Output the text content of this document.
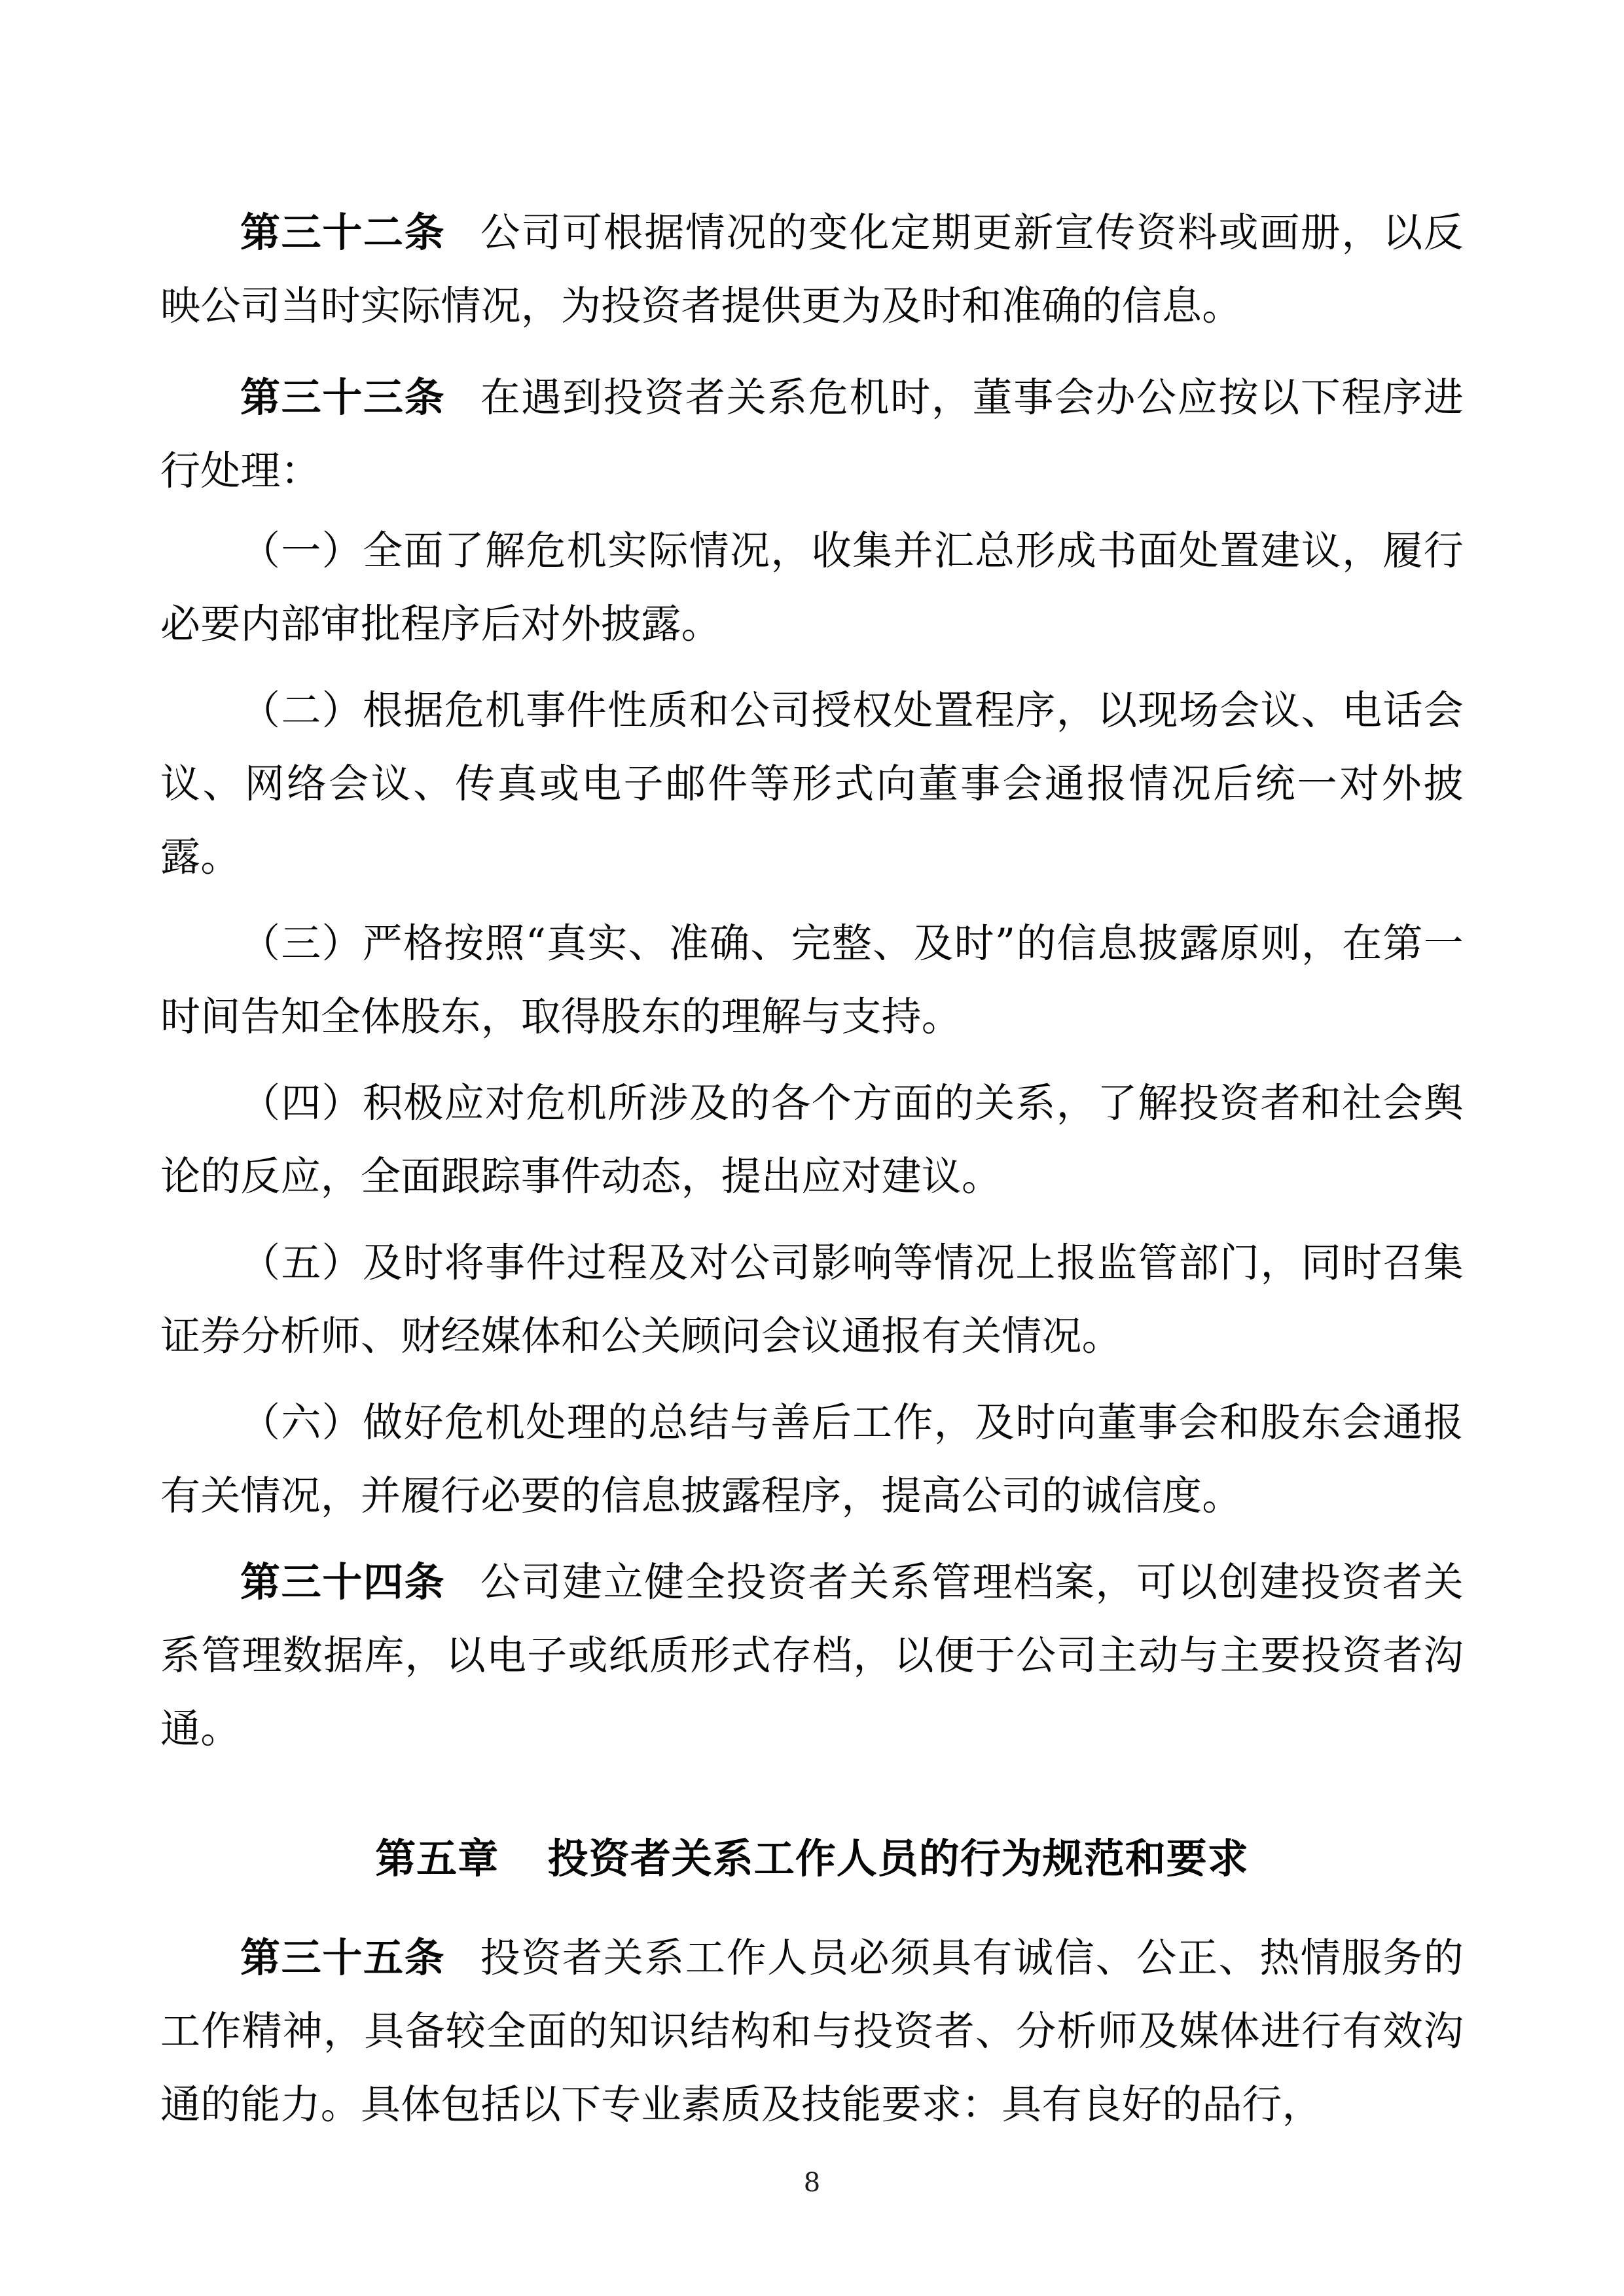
第三十二条 公司可根据情况的变化定期更新宣传资料或画册，以反映公司当时实际情况，为投资者提供更为及时和准确的信息。

第三十三条 在遇到投资者关系危机时，董事会办公应按以下程序进行处理：

（一）全面了解危机实际情况，收集并汇总形成书面处置建议，履行必要内部审批程序后对外披露。

（二）根据危机事件性质和公司授权处置程序，以现场会议、电话会议、网络会议、传真或电子邮件等形式向董事会通报情况后统一对外披露。

（三）严格按照“真实、准确、完整、及时”的信息披露原则，在第一时间告知全体股东，取得股东的理解与支持。

（四）积极应对危机所涉及的各个方面的关系，了解投资者和社会舆论的反应，全面跟踪事件动态，提出应对建议。

（五）及时将事件过程及对公司影响等情况上报监管部门，同时召集证券分析师、财经媒体和公关顾问会议通报有关情况。

（六）做好危机处理的总结与善后工作，及时向董事会和股东会通报有关情况，并履行必要的信息披露程序，提高公司的诚信度。

第三十四条 公司建立健全投资者关系管理档案，可以创建投资者关系管理数据库，以电子或纸质形式存档，以便于公司主动与主要投资者沟通。

第五章 投资者关系工作人员的行为规范和要求

第三十五条 投资者关系工作人员必须具有诚信、公正、热情服务的工作精神，具备较全面的知识结构和与投资者、分析师及媒体进行有效沟通的能力。具体包括以下专业素质及技能要求：具有良好的品行，

8
